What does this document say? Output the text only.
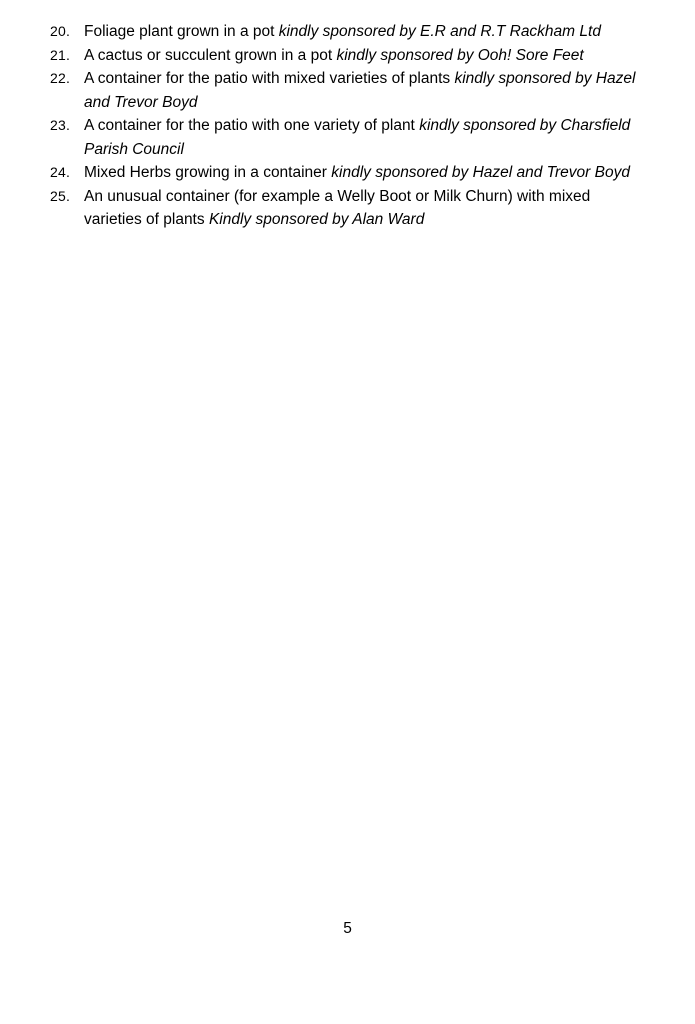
20. Foliage plant grown in a pot kindly sponsored by E.R and R.T Rackham Ltd
21. A cactus or succulent grown in a pot kindly sponsored by Ooh! Sore Feet
22. A container for the patio with mixed varieties of plants kindly sponsored by Hazel and Trevor Boyd
23. A container for the patio with one variety of plant kindly sponsored by Charsfield Parish Council
24. Mixed Herbs growing in a container kindly sponsored by Hazel and Trevor Boyd
25. An unusual container (for example a Welly Boot or Milk Churn) with mixed varieties of plants Kindly sponsored by Alan Ward
5
